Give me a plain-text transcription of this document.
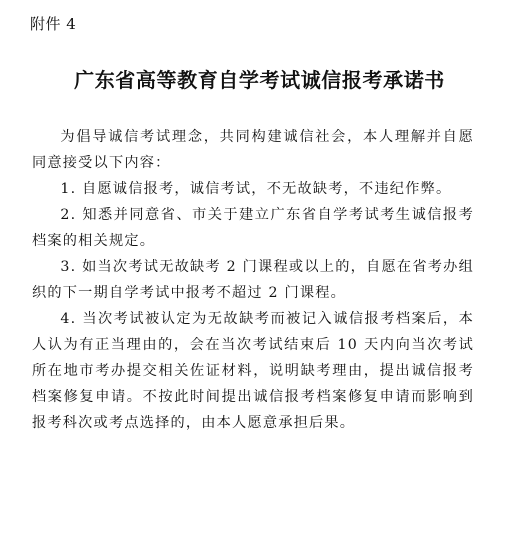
附件 4
广东省高等教育自学考试诚信报考承诺书

为倡导诚信考试理念，共同构建诚信社会，本人理解并自愿同意接受以下内容：

1. 自愿诚信报考，诚信考试，不无故缺考，不违纪作弊。

2. 知悉并同意省、市关于建立广东省自学考试考生诚信报考档案的相关规定。

3. 如当次考试无故缺考 2 门课程或以上的，自愿在省考办组织的下一期自学考试中报考不超过 2 门课程。

4. 当次考试被认定为无故缺考而被记入诚信报考档案后，本人认为有正当理由的，会在当次考试结束后 10 天内向当次考试所在地市考办提交相关佐证材料，说明缺考理由，提出诚信报考档案修复申请。不按此时间提出诚信报考档案修复申请而影响到报考科次或考点选择的，由本人愿意承担后果。
